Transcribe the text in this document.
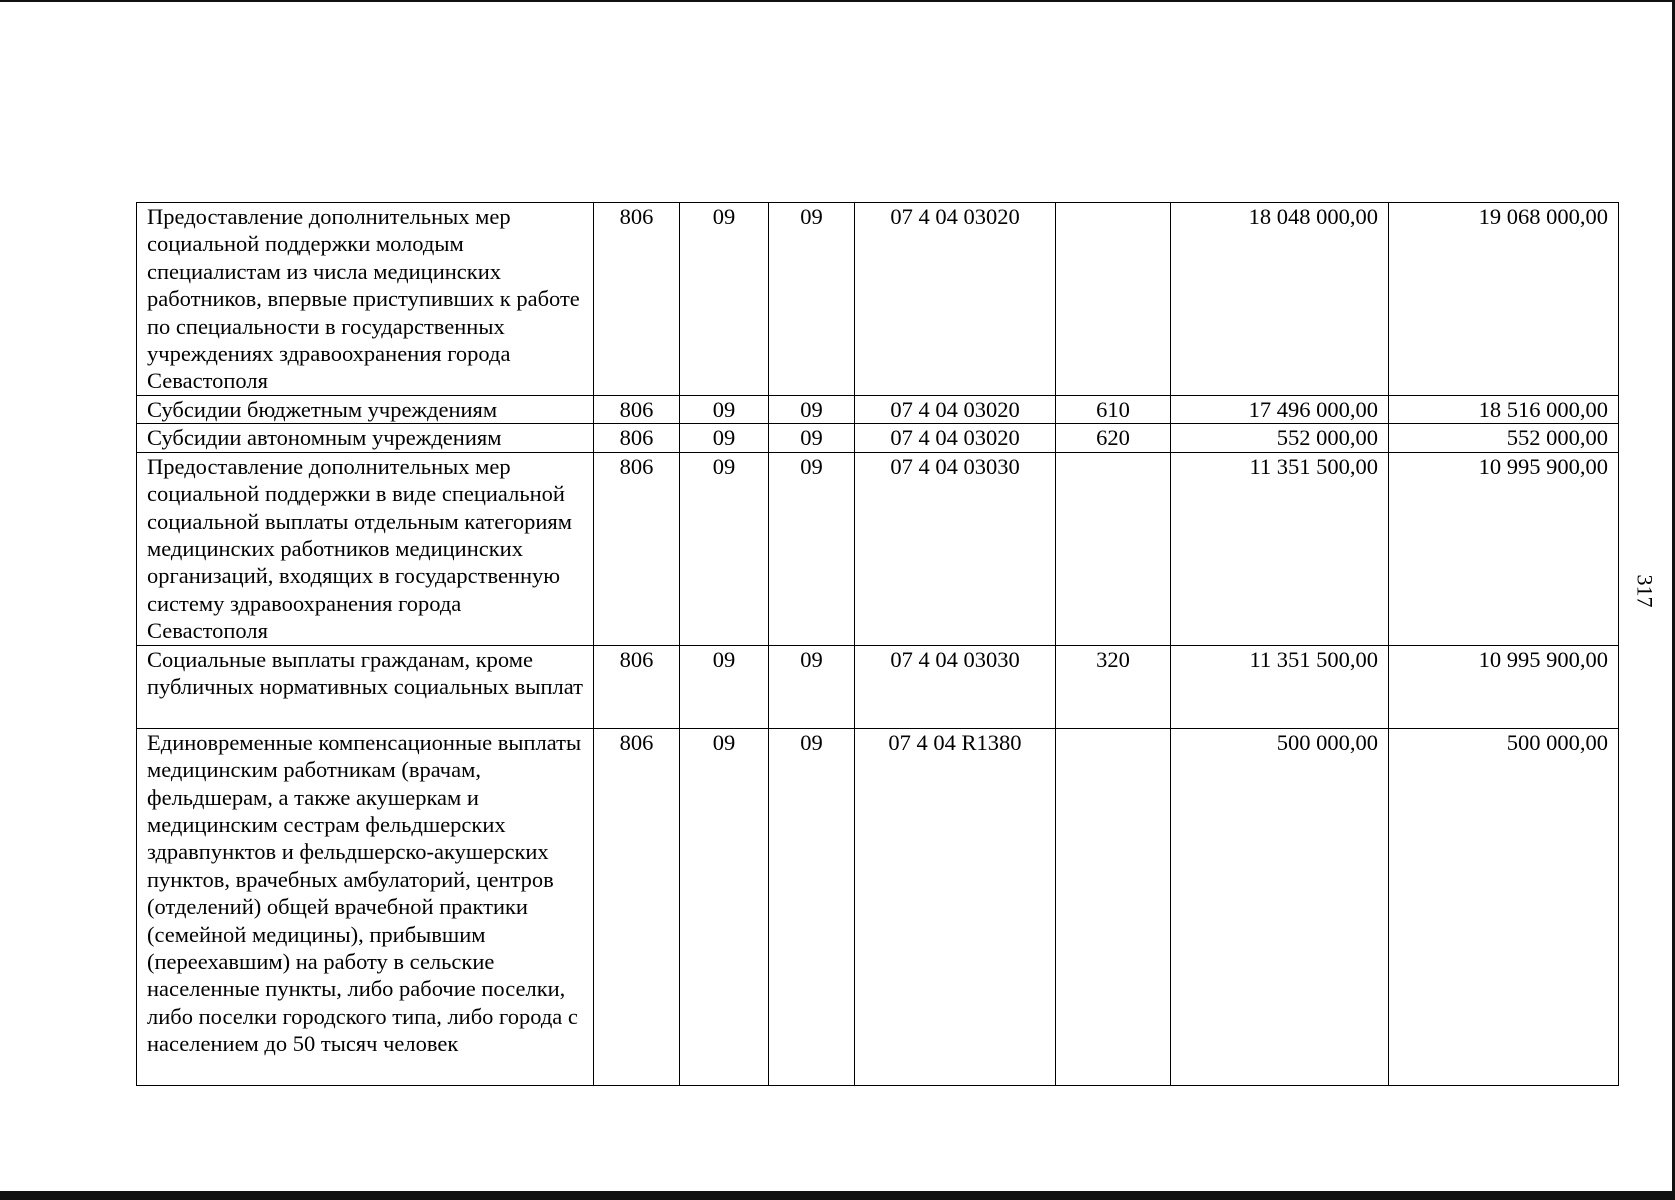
317
Предоставление дополнительных мер социальной поддержки молодым специалистам из числа медицинских работников, впервые приступивших к работе по специальности в государственных учреждениях здравоохранения города Севастополя	806	09	09	07 4 04 03020		18 048 000,00	19 068 000,00
Субсидии бюджетным учреждениям	806	09	09	07 4 04 03020	610	17 496 000,00	18 516 000,00
Субсидии автономным учреждениям	806	09	09	07 4 04 03020	620	552 000,00	552 000,00
Предоставление дополнительных мер социальной поддержки в виде специальной социальной выплаты отдельным категориям медицинских работников медицинских организаций, входящих в государственную систему здравоохранения города Севастополя	806	09	09	07 4 04 03030		11 351 500,00	10 995 900,00
Социальные выплаты гражданам, кроме публичных нормативных социальных выплат	806	09	09	07 4 04 03030	320	11 351 500,00	10 995 900,00
Единовременные компенсационные выплаты медицинским работникам (врачам, фельдшерам, а также акушеркам и медицинским сестрам фельдшерских здравпунктов и фельдшерско-акушерских пунктов, врачебных амбулаторий, центров (отделений) общей врачебной практики (семейной медицины), прибывшим (переехавшим) на работу в сельские населенные пункты, либо рабочие поселки, либо поселки городского типа, либо города с населением до 50 тысяч человек	806	09	09	07 4 04 R1380		500 000,00	500 000,00
